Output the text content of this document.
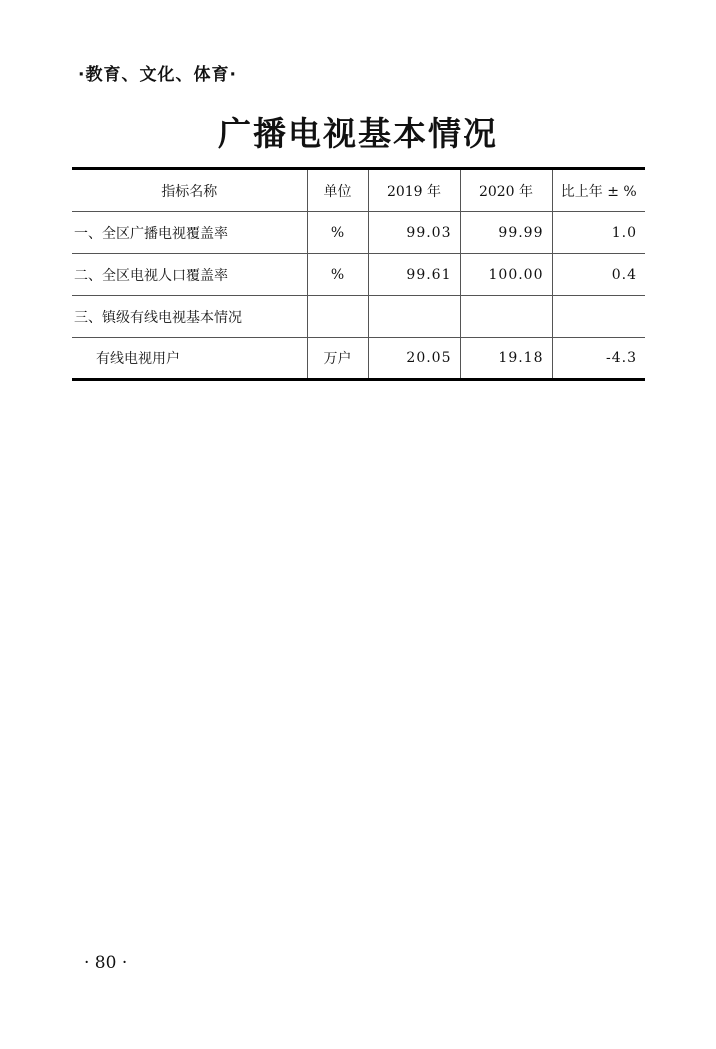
·教育、文化、体育·
广播电视基本情况
指标名称	单位	2019 年	2020 年	比上年 ± %
一、全区广播电视覆盖率	%	99.03	99.99	1.0
二、全区电视人口覆盖率	%	99.61	100.00	0.4
三、镇级有线电视基本情况				
有线电视用户	万户	20.05	19.18	-4.3
· 80 ·
